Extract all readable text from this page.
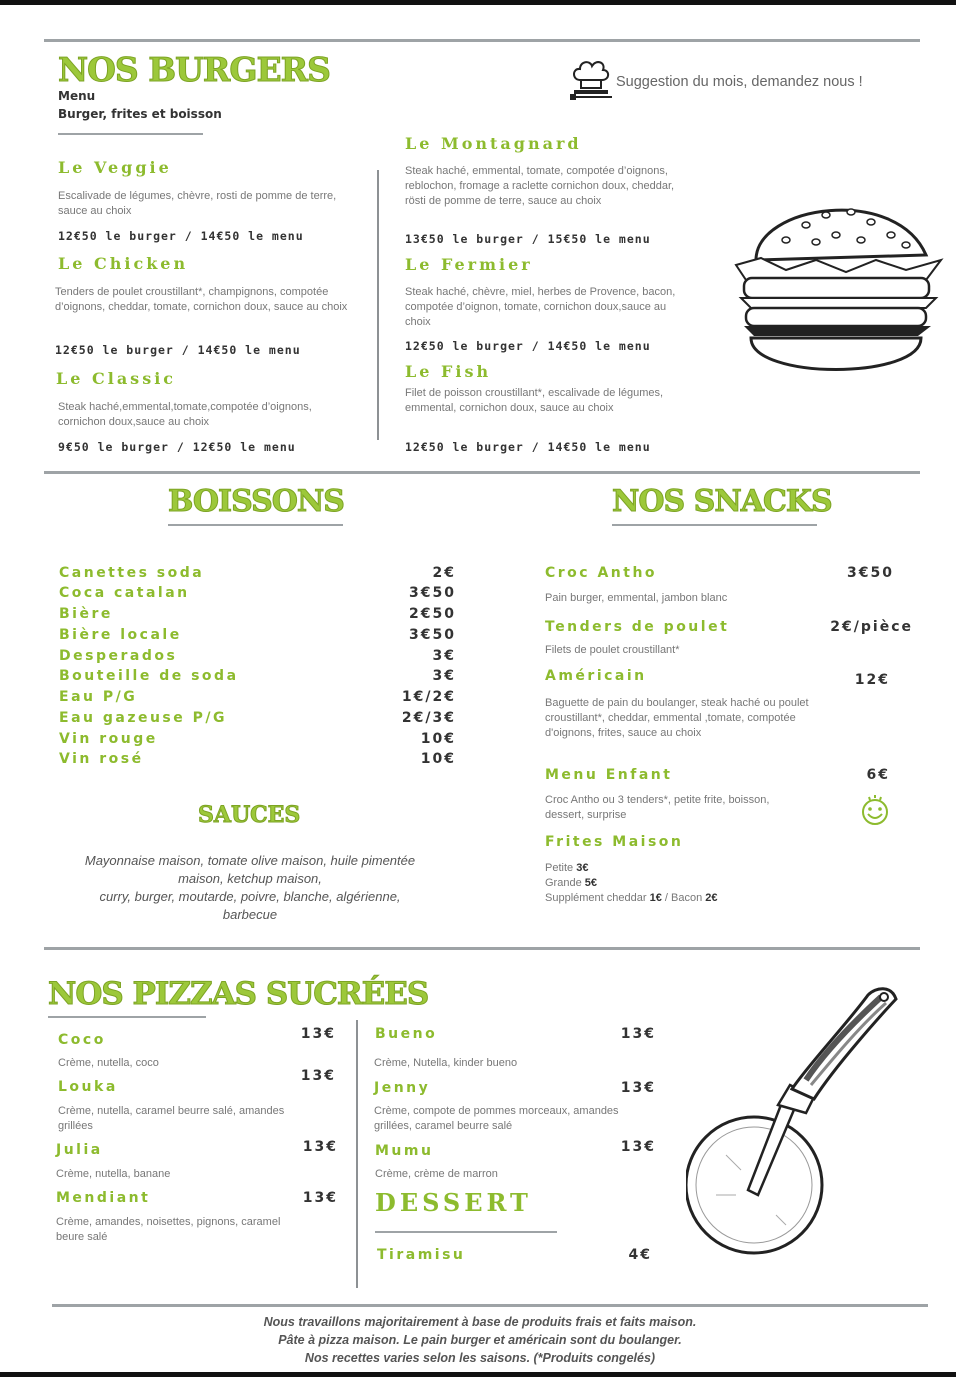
NOS BURGERS
Menu
Burger, frites et boisson
Suggestion du mois, demandez nous !
Le Veggie
Escalivade de légumes, chèvre, rosti de pomme de terre, sauce au choix
12€50 le burger / 14€50 le menu
Le Chicken
Tenders de poulet croustillant*, champignons, compotée d’oignons, cheddar, tomate, cornichon doux, sauce au choix
12€50 le burger / 14€50 le menu
Le Classic
Steak haché,emmental,tomate,compotée d’oignons, cornichon doux,sauce au choix
9€50 le burger / 12€50 le menu
Le Montagnard
Steak haché, emmental, tomate, compotée d’oignons, reblochon, fromage a raclette cornichon doux, cheddar, rösti de pomme de terre, sauce au choix
13€50 le burger / 15€50 le menu
Le Fermier
Steak haché, chèvre, miel, herbes de Provence, bacon, compotée d’oignon, tomate, cornichon doux,sauce au choix
12€50 le burger / 14€50 le menu
Le Fish
Filet de poisson croustillant*, escalivade de légumes, emmental, cornichon doux, sauce au choix
12€50 le burger / 14€50 le menu
BOISSONS	NOS SNACKS
Canettes soda	2€
Coca catalan	3€50
Bière	2€50
Bière locale	3€50
Desperados	3€
Bouteille de soda	3€
Eau P/G	1€/2€
Eau gazeuse P/G	2€/3€
Vin rouge	10€
Vin rosé	10€
SAUCES
Mayonnaise maison, tomate olive maison, huile pimentée
maison, ketchup maison,
curry, burger, moutarde, poivre, blanche, algérienne,
barbecue
Croc Antho	3€50
Pain burger, emmental, jambon blanc
Tenders de poulet	2€/pièce
Filets de poulet croustillant*
Américain	12€
Baguette de pain du boulanger, steak haché ou poulet croustillant*, cheddar, emmental ,tomate, compotée d'oignons, frites, sauce au choix
Menu Enfant	6€
Croc Antho ou 3 tenders*, petite frite, boisson, dessert, surprise
Frites Maison
Petite 3€
Grande 5€
Supplément cheddar 1€ / Bacon 2€
NOS PIZZAS SUCRÉES
Coco	13€
Crème, nutella, coco
Louka
13€
Crème, nutella, caramel beurre salé, amandes grillées
Julia	13€
Crème, nutella, banane
Mendiant	13€
Crème, amandes, noisettes, pignons, caramel beure salé
Bueno	13€
Crème, Nutella, kinder bueno
Jenny	13€
Crème, compote de pommes morceaux, amandes grillées, caramel beurre salé
Mumu	13€
Crème, crème de marron
DESSERT
Tiramisu	4€
Nous travaillons majoritairement à base de produits frais et faits maison.
Pâte à pizza maison. Le pain burger et américain sont du boulanger.
Nos recettes varies selon les saisons. (*Produits congelés)
